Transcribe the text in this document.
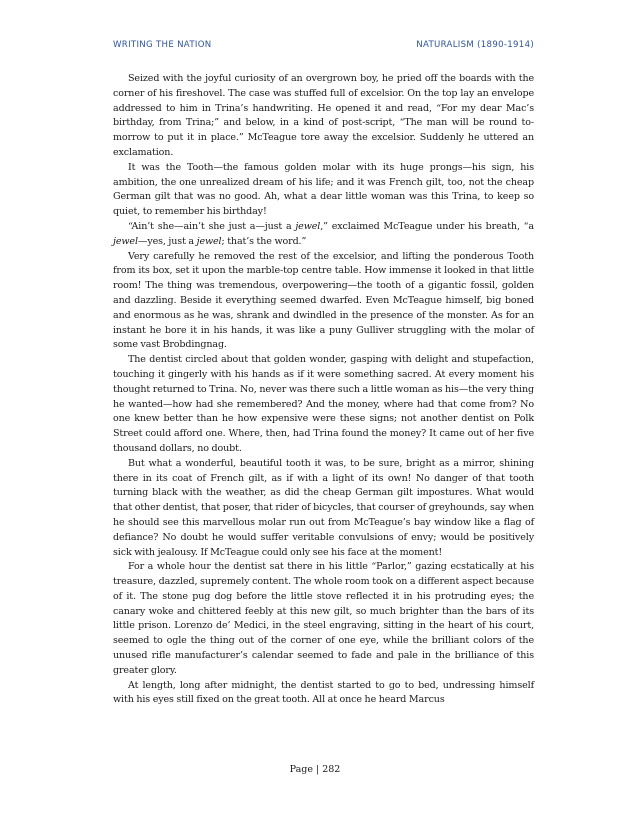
WRITING THE NATION	NATURALISM (1890-1914)

Seized with the joyful curiosity of an overgrown boy, he pried off the boards with the corner of his fireshovel. The case was stuffed full of excelsior. On the top lay an envelope addressed to him in Trina’s handwriting. He opened it and read, “For my dear Mac’s birthday, from Trina;” and below, in a kind of post-script, “The man will be round to-morrow to put it in place.” McTeague tore away the excelsior. Suddenly he uttered an exclamation.

It was the Tooth—the famous golden molar with its huge prongs—his sign, his ambition, the one unrealized dream of his life; and it was French gilt, too, not the cheap German gilt that was no good. Ah, what a dear little woman was this Trina, to keep so quiet, to remember his birthday!

“Ain’t she—ain’t she just a—just a jewel,” exclaimed McTeague under his breath, “a jewel—yes, just a jewel; that’s the word.”

Very carefully he removed the rest of the excelsior, and lifting the ponderous Tooth from its box, set it upon the marble-top centre table. How immense it looked in that little room! The thing was tremendous, overpowering—the tooth of a gigantic fossil, golden and dazzling. Beside it everything seemed dwarfed. Even McTeague himself, big boned and enormous as he was, shrank and dwindled in the presence of the monster. As for an instant he bore it in his hands, it was like a puny Gulliver struggling with the molar of some vast Brobdingnag.

The dentist circled about that golden wonder, gasping with delight and stupefaction, touching it gingerly with his hands as if it were something sacred. At every moment his thought returned to Trina. No, never was there such a little woman as his—the very thing he wanted—how had she remembered? And the money, where had that come from? No one knew better than he how expensive were these signs; not another dentist on Polk Street could afford one. Where, then, had Trina found the money? It came out of her five thousand dollars, no doubt.

But what a wonderful, beautiful tooth it was, to be sure, bright as a mirror, shining there in its coat of French gilt, as if with a light of its own! No danger of that tooth turning black with the weather, as did the cheap German gilt impostures. What would that other dentist, that poser, that rider of bicycles, that courser of greyhounds, say when he should see this marvellous molar run out from McTeague’s bay window like a flag of defiance? No doubt he would suffer veritable convulsions of envy; would be positively sick with jealousy. If McTeague could only see his face at the moment!

For a whole hour the dentist sat there in his little “Parlor,” gazing ecstatically at his treasure, dazzled, supremely content. The whole room took on a different aspect because of it. The stone pug dog before the little stove reflected it in his protruding eyes; the canary woke and chittered feebly at this new gilt, so much brighter than the bars of its little prison. Lorenzo de’ Medici, in the steel engraving, sitting in the heart of his court, seemed to ogle the thing out of the corner of one eye, while the brilliant colors of the unused rifle manufacturer’s calendar seemed to fade and pale in the brilliance of this greater glory.

At length, long after midnight, the dentist started to go to bed, undressing himself with his eyes still fixed on the great tooth. All at once he heard Marcus

Page | 282
